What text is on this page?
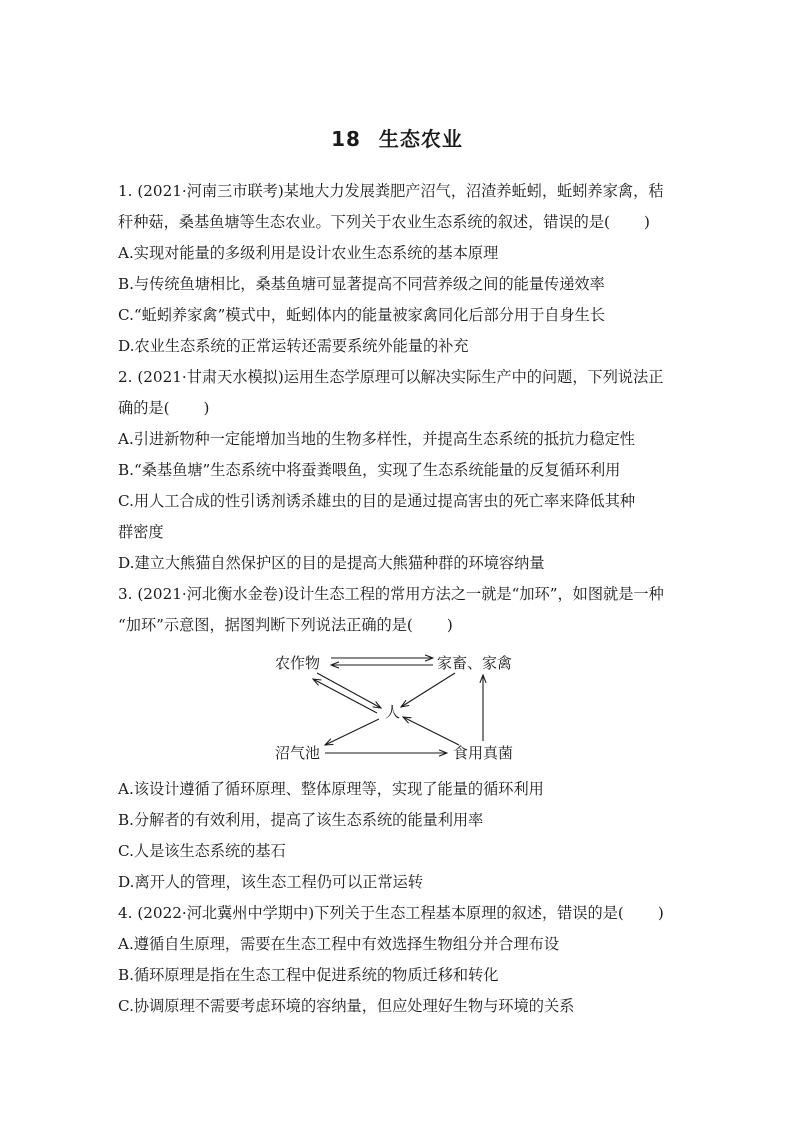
18 生态农业
1. (2021·河南三市联考)某地大力发展粪肥产沼气，沼渣养蚯蚓，蚯蚓养家禽，秸
秆种菇，桑基鱼塘等生态农业。下列关于农业生态系统的叙述，错误的是( )
A.实现对能量的多级利用是设计农业生态系统的基本原理
B.与传统鱼塘相比，桑基鱼塘可显著提高不同营养级之间的能量传递效率
C.“蚯蚓养家禽”模式中，蚯蚓体内的能量被家禽同化后部分用于自身生长
D.农业生态系统的正常运转还需要系统外能量的补充
2. (2021·甘肃天水模拟)运用生态学原理可以解决实际生产中的问题，下列说法正
确的是( )
A.引进新物种一定能增加当地的生物多样性，并提高生态系统的抵抗力稳定性
B.“桑基鱼塘”生态系统中将蚕粪喂鱼，实现了生态系统能量的反复循环利用
C.用人工合成的性引诱剂诱杀雄虫的目的是通过提高害虫的死亡率来降低其种
群密度
D.建立大熊猫自然保护区的目的是提高大熊猫种群的环境容纳量
3. (2021·河北衡水金卷)设计生态工程的常用方法之一就是“加环”，如图就是一种
“加环”示意图，据图判断下列说法正确的是( )
农作物	家畜、家禽
人
沼气池	食用真菌
A.该设计遵循了循环原理、整体原理等，实现了能量的循环利用
B.分解者的有效利用，提高了该生态系统的能量利用率
C.人是该生态系统的基石
D.离开人的管理，该生态工程仍可以正常运转
4. (2022·河北冀州中学期中)下列关于生态工程基本原理的叙述，错误的是( )
A.遵循自生原理，需要在生态工程中有效选择生物组分并合理布设
B.循环原理是指在生态工程中促进系统的物质迁移和转化
C.协调原理不需要考虑环境的容纳量，但应处理好生物与环境的关系
